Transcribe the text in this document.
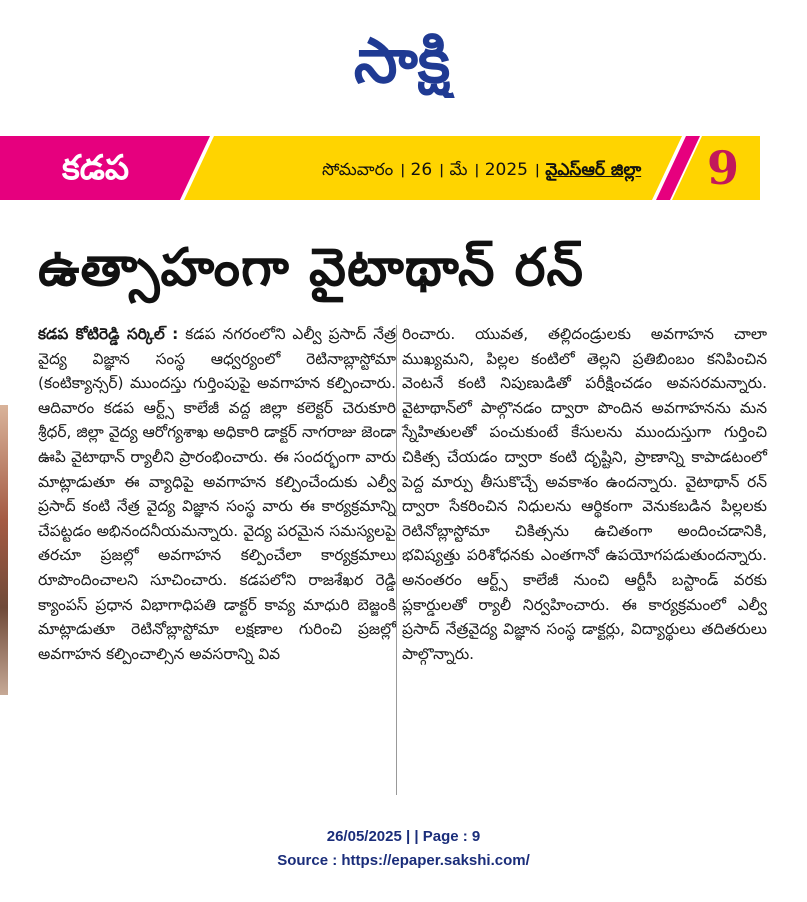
సాక్షి
కడప	సోమవారం । 26 । మే । 2025 । వైఎస్‌ఆర్‌ జిల్లా 9
ఉత్సాహంగా వైటాథాన్‌ రన్‌

కడప కోటిరెడ్డి సర్కిల్‌ : కడప నగరంలోని ఎల్వీ ప్రసాద్‌ నేత్ర వైద్య విజ్ఞాన సంస్థ ఆధ్వర్యంలో రెటినాబ్లాస్టోమా (కంటిక్యాన్సర్‌) ముందస్తు గుర్తింపుపై అవగాహన కల్పించారు. ఆదివారం కడప ఆర్ట్స్‌ కాలేజీ వద్ద జిల్లా కలెక్టర్‌ చెరుకూరి శ్రీధర్‌, జిల్లా వైద్య ఆరోగ్యశాఖ అధికారి డాక్టర్‌ నాగరాజు జెండా ఊపి వైటాథాన్‌ ర్యాలీని ప్రారంభించారు. ఈ సందర్భంగా వారు మాట్లాడుతూ ఈ వ్యాధిపై అవగాహన కల్పించేందుకు ఎల్వీ ప్రసాద్‌ కంటి నేత్ర వైద్య విజ్ఞాన సంస్థ వారు ఈ కార్యక్రమాన్ని చేపట్టడం అభినందనీయమన్నారు. వైద్య పరమైన సమస్యలపై తరచూ ప్రజల్లో అవగాహన కల్పించేలా కార్యక్రమాలు రూపొందించాలని సూచించారు. కడపలోని రాజశేఖర రెడ్డి క్యాంపస్‌ ప్రధాన విభాగాధిపతి డాక్టర్‌ కావ్య మాధురి బెజ్జంకి మాట్లాడుతూ రెటినోబ్లాస్టోమా లక్షణాల గురించి ప్రజల్లో అవగాహన కల్పించాల్సిన అవసరాన్ని వివ

రించారు. యువత, తల్లిదండ్రులకు అవగాహన చాలా ముఖ్యమని, పిల్లల కంటిలో తెల్లని ప్రతిబింబం కనిపించిన వెంటనే కంటి నిపుణుడితో పరీక్షించడం అవసరమన్నారు. వైటాథాన్‌లో పాల్గొనడం ద్వారా పొందిన అవగాహనను మన స్నేహితులతో పంచుకుంటే కేసులను ముందుస్తుగా గుర్తించి చికిత్స చేయడం ద్వారా కంటి దృష్టిని, ప్రాణాన్ని కాపాడటంలో పెద్ద మార్పు తీసుకొచ్చే అవకాశం ఉందన్నారు. వైటాథాన్‌ రన్‌ ద్వారా సేకరించిన నిధులను ఆర్థికంగా వెనుకబడిన పిల్లలకు రెటినోబ్లాస్టోమా చికిత్సను ఉచితంగా అందించడానికి, భవిష్యత్తు పరిశోధనకు ఎంతగానో ఉపయోగపడుతుందన్నారు. అనంతరం ఆర్ట్స్‌ కాలేజీ నుంచి ఆర్టీసీ బస్టాండ్‌ వరకు ప్లకార్డులతో ర్యాలీ నిర్వహించారు. ఈ కార్యక్రమంలో ఎల్వీ ప్రసాద్‌ నేత్రవైద్య విజ్ఞాన సంస్థ డాక్టర్లు, విద్యార్థులు తదితరులు పాల్గొన్నారు.

26/05/2025 | | Page : 9
Source : https://epaper.sakshi.com/
